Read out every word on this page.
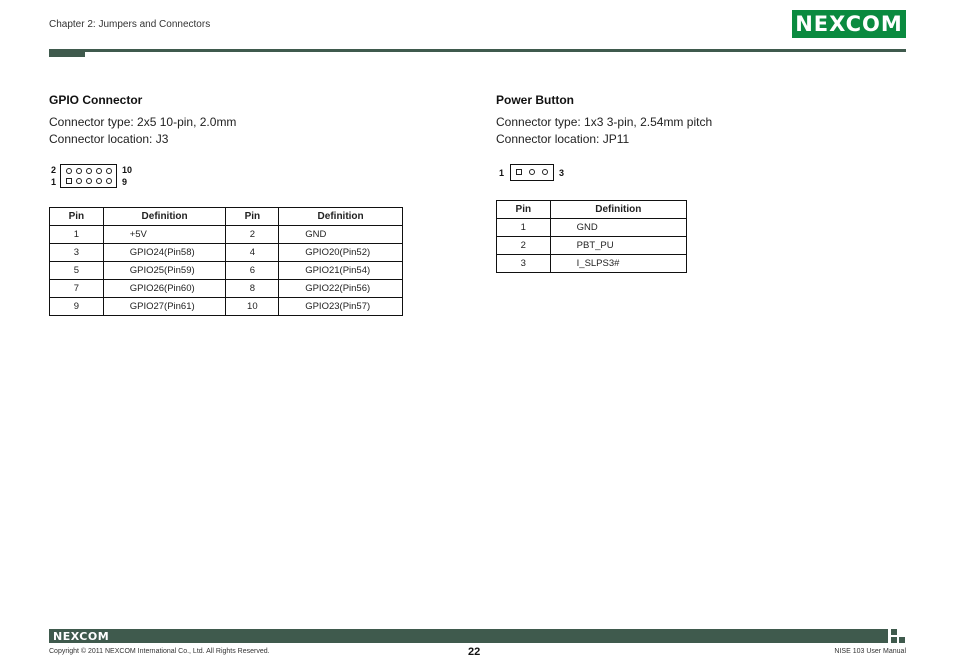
Chapter 2: Jumpers and Connectors	NEXCOM
GPIO Connector
Connector type: 2x5 10-pin, 2.0mm
Connector location: J3
2
1
10
9
Pin	Definition	Pin	Definition
1	+5V	2	GND
3	GPIO24(Pin58)	4	GPIO20(Pin52)
5	GPIO25(Pin59)	6	GPIO21(Pin54)
7	GPIO26(Pin60)	8	GPIO22(Pin56)
9	GPIO27(Pin61)	10	GPIO23(Pin57)
Power Button
Connector type: 1x3 3-pin, 2.54mm pitch
Connector location: JP11
1	3
Pin	Definition
1	GND
2	PBT_PU
3	I_SLPS3#
NEXCOM
Copyright © 2011 NEXCOM International Co., Ltd. All Rights Reserved.	22	NISE 103 User Manual
